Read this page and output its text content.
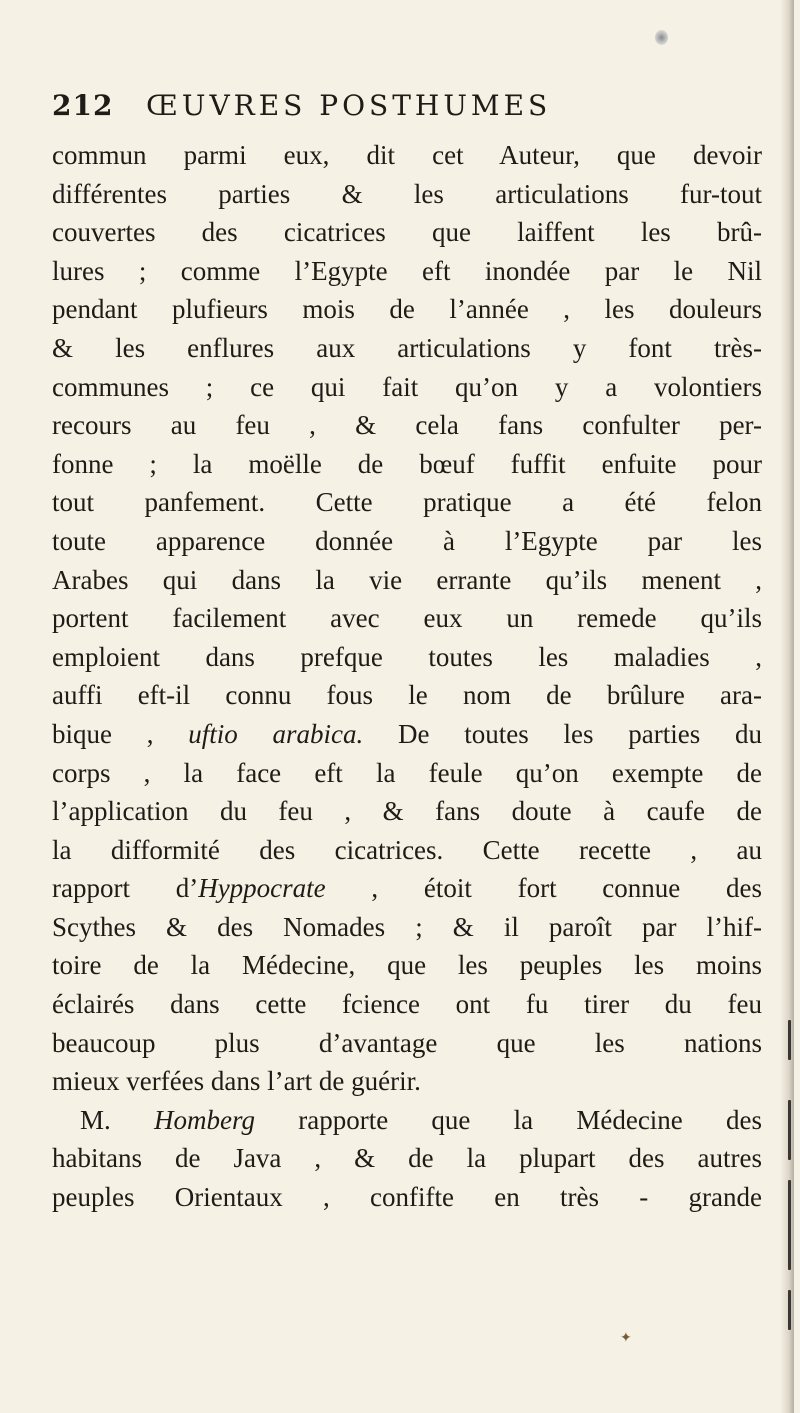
212 ŒUVRES POSTHUMES
commun parmi eux, dit cet Auteur, que devoir
différentes parties & les articulations fur-tout
couvertes des cicatrices que laiffent les brû-
lures ; comme l’Egypte eft inondée par le Nil
pendant plufieurs mois de l’année , les douleurs
& les enflures aux articulations y font très-
communes ; ce qui fait qu’on y a volontiers
recours au feu , & cela fans confulter per-
fonne ; la moëlle de bœuf fuffit enfuite pour
tout panfement. Cette pratique a été felon
toute apparence donnée à l’Egypte par les
Arabes qui dans la vie errante qu’ils menent ,
portent facilement avec eux un remede qu’ils
emploient dans prefque toutes les maladies ,
auffi eft-il connu fous le nom de brûlure ara-
bique , uftio arabica. De toutes les parties du
corps , la face eft la feule qu’on exempte de
l’application du feu , & fans doute à caufe de
la difformité des cicatrices. Cette recette , au
rapport d’Hyppocrate , étoit fort connue des
Scythes & des Nomades ; & il paroît par l’hif-
toire de la Médecine, que les peuples les moins
éclairés dans cette fcience ont fu tirer du feu
beaucoup plus d’avantage que les nations
mieux verfées dans l’art de guérir.
M. Homberg rapporte que la Médecine des
habitans de Java , & de la plupart des autres
peuples Orientaux , confifte en très - grande
✦
